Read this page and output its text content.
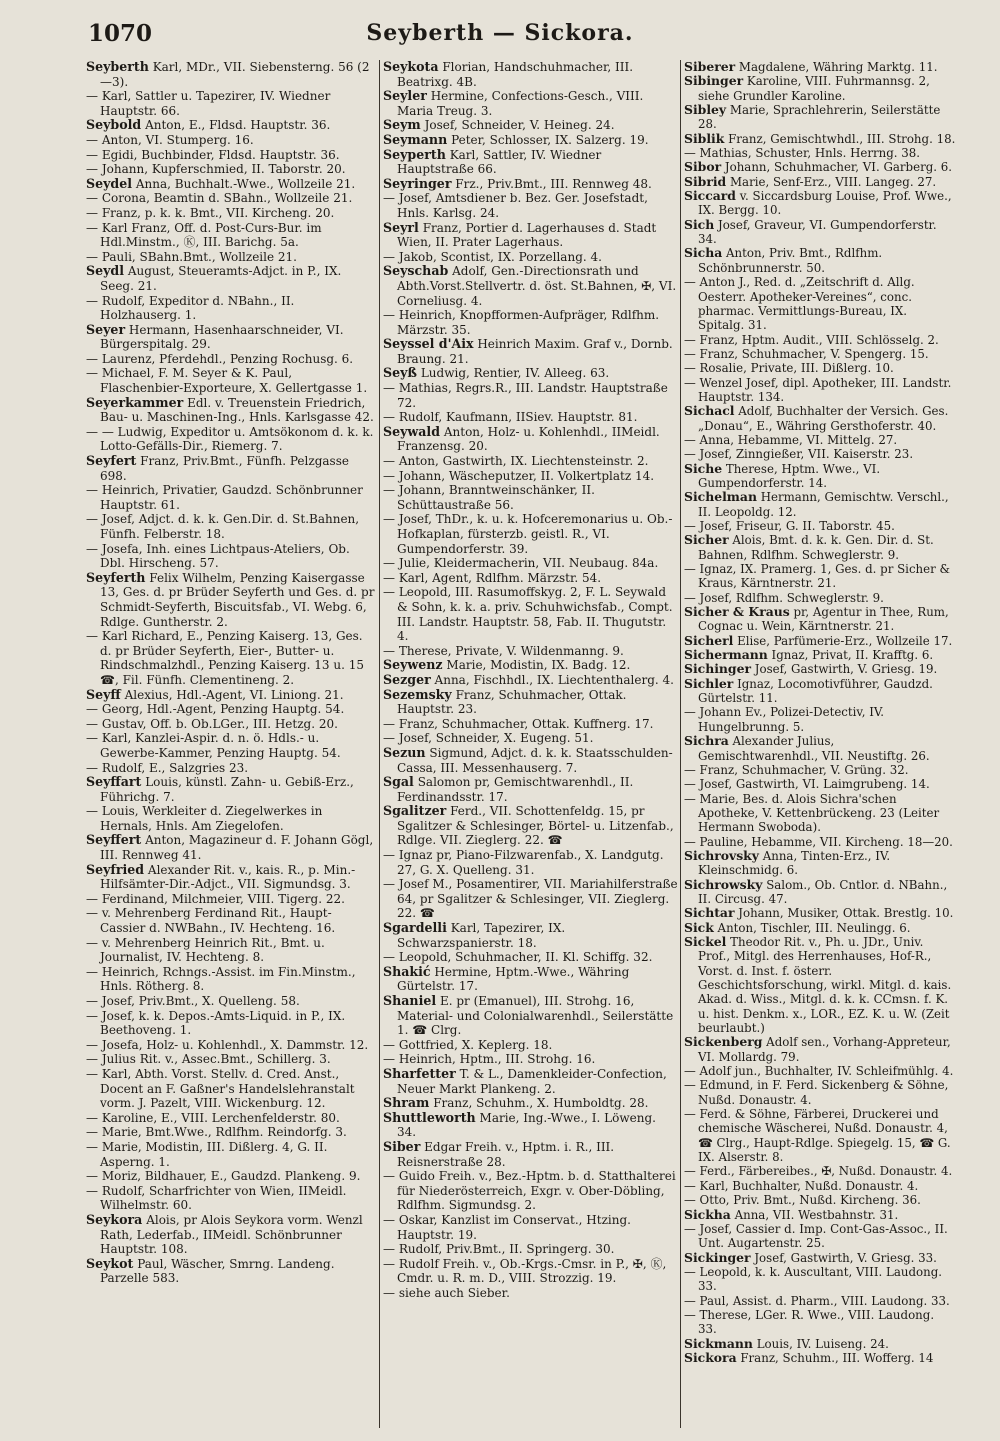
1070	Seyberth — Sickora.

Seyberth Karl, MDr., VII. Siebensterng. 56 (2—3).

— Karl, Sattler u. Tapezirer, IV. Wiedner Hauptstr. 66.

Seybold Anton, E., Fldsd. Hauptstr. 36.

— Anton, VI. Stumperg. 16.

— Egidi, Buchbinder, Fldsd. Hauptstr. 36.

— Johann, Kupferschmied, II. Taborstr. 20.

Seydel Anna, Buchhalt.-Wwe., Wollzeile 21.

— Corona, Beamtin d. SBahn., Wollzeile 21.

— Franz, p. k. k. Bmt., VII. Kircheng. 20.

— Karl Franz, Off. d. Post-Curs-Bur. im Hdl.Minstm., Ⓚ, III. Barichg. 5a.

— Pauli, SBahn.Bmt., Wollzeile 21.

Seydl August, Steueramts-Adjct. in P., IX. Seeg. 21.

— Rudolf, Expeditor d. NBahn., II. Holzhauserg. 1.

Seyer Hermann, Hasenhaarschneider, VI. Bürgerspitalg. 29.

— Laurenz, Pferdehdl., Penzing Rochusg. 6.

— Michael, F. M. Seyer & K. Paul, Flaschenbier-Exporteure, X. Gellertgasse 1.

Seyerkammer Edl. v. Treuenstein Friedrich, Bau- u. Maschinen-Ing., Hnls. Karlsgasse 42.

— — Ludwig, Expeditor u. Amtsökonom d. k. k. Lotto-Gefälls-Dir., Riemerg. 7.

Seyfert Franz, Priv.Bmt., Fünfh. Pelzgasse 698.

— Heinrich, Privatier, Gaudzd. Schönbrunner Hauptstr. 61.

— Josef, Adjct. d. k. k. Gen.Dir. d. St.Bahnen, Fünfh. Felberstr. 18.

— Josefa, Inh. eines Lichtpaus-Ateliers, Ob. Dbl. Hirscheng. 57.

Seyferth Felix Wilhelm, Penzing Kaisergasse 13, Ges. d. pr Brüder Seyferth und Ges. d. pr Schmidt-Seyferth, Biscuitsfab., VI. Webg. 6, Rdlge. Guntherstr. 2.

— Karl Richard, E., Penzing Kaiserg. 13, Ges. d. pr Brüder Seyferth, Eier-, Butter- u. Rindschmalzhdl., Penzing Kaiserg. 13 u. 15 ☎, Fil. Fünfh. Clementineng. 2.

Seyff Alexius, Hdl.-Agent, VI. Liniong. 21.

— Georg, Hdl.-Agent, Penzing Hauptg. 54.

— Gustav, Off. b. Ob.LGer., III. Hetzg. 20.

— Karl, Kanzlei-Aspir. d. n. ö. Hdls.- u. Gewerbe-Kammer, Penzing Hauptg. 54.

— Rudolf, E., Salzgries 23.

Seyffart Louis, künstl. Zahn- u. Gebiß-Erz., Führichg. 7.

— Louis, Werkleiter d. Ziegelwerkes in Hernals, Hnls. Am Ziegelofen.

Seyffert Anton, Magazineur d. F. Johann Gögl, III. Rennweg 41.

Seyfried Alexander Rit. v., kais. R., p. Min.-Hilfsämter-Dir.-Adjct., VII. Sigmundsg. 3.

— Ferdinand, Milchmeier, VIII. Tigerg. 22.

— v. Mehrenberg Ferdinand Rit., Haupt-Cassier d. NWBahn., IV. Hechteng. 16.

— v. Mehrenberg Heinrich Rit., Bmt. u. Journalist, IV. Hechteng. 8.

— Heinrich, Rchngs.-Assist. im Fin.Minstm., Hnls. Rötherg. 8.

— Josef, Priv.Bmt., X. Quelleng. 58.

— Josef, k. k. Depos.-Amts-Liquid. in P., IX. Beethoveng. 1.

— Josefa, Holz- u. Kohlenhdl., X. Dammstr. 12.

— Julius Rit. v., Assec.Bmt., Schillerg. 3.

— Karl, Abth. Vorst. Stellv. d. Cred. Anst., Docent an F. Gaßner's Handelslehranstalt vorm. J. Pazelt, VIII. Wickenburg. 12.

— Karoline, E., VIII. Lerchenfelderstr. 80.

— Marie, Bmt.Wwe., Rdlfhm. Reindorfg. 3.

— Marie, Modistin, III. Dißlerg. 4, G. II. Asperng. 1.

— Moriz, Bildhauer, E., Gaudzd. Plankeng. 9.

— Rudolf, Scharfrichter von Wien, IIMeidl. Wilhelmstr. 60.

Seykora Alois, pr Alois Seykora vorm. Wenzl Rath, Lederfab., IIMeidl. Schönbrunner Hauptstr. 108.

Seykot Paul, Wäscher, Smrng. Landeng. Parzelle 583.

Seykota Florian, Handschuhmacher, III. Beatrixg. 4B.

Seyler Hermine, Confections-Gesch., VIII. Maria Treug. 3.

Seym Josef, Schneider, V. Heineg. 24.

Seymann Peter, Schlosser, IX. Salzerg. 19.

Seyperth Karl, Sattler, IV. Wiedner Hauptstraße 66.

Seyringer Frz., Priv.Bmt., III. Rennweg 48.

— Josef, Amtsdiener b. Bez. Ger. Josefstadt, Hnls. Karlsg. 24.

Seyrl Franz, Portier d. Lagerhauses d. Stadt Wien, II. Prater Lagerhaus.

— Jakob, Scontist, IX. Porzellang. 4.

Seyschab Adolf, Gen.-Directionsrath und Abth.Vorst.Stellvertr. d. öst. St.Bahnen, ✠, VI. Corneliusg. 4.

— Heinrich, Knopfformen-Aufpräger, Rdlfhm. Märzstr. 35.

Seyssel d'Aix Heinrich Maxim. Graf v., Dornb. Braung. 21.

Seyß Ludwig, Rentier, IV. Alleeg. 63.

— Mathias, Regrs.R., III. Landstr. Hauptstraße 72.

— Rudolf, Kaufmann, IISiev. Hauptstr. 81.

Seywald Anton, Holz- u. Kohlenhdl., IIMeidl. Franzensg. 20.

— Anton, Gastwirth, IX. Liechtensteinstr. 2.

— Johann, Wäscheputzer, II. Volkertplatz 14.

— Johann, Branntweinschänker, II. Schüttaustraße 56.

— Josef, ThDr., k. u. k. Hofceremonarius u. Ob.-Hofkaplan, fürsterzb. geistl. R., VI. Gumpendorferstr. 39.

— Julie, Kleidermacherin, VII. Neubaug. 84a.

— Karl, Agent, Rdlfhm. Märzstr. 54.

— Leopold, III. Rasumoffskyg. 2, F. L. Seywald & Sohn, k. k. a. priv. Schuhwichsfab., Compt. III. Landstr. Hauptstr. 58, Fab. II. Thugutstr. 4.

— Therese, Private, V. Wildenmanng. 9.

Seywenz Marie, Modistin, IX. Badg. 12.

Sezger Anna, Fischhdl., IX. Liechtenthalerg. 4.

Sezemsky Franz, Schuhmacher, Ottak. Hauptstr. 23.

— Franz, Schuhmacher, Ottak. Kuffnerg. 17.

— Josef, Schneider, X. Eugeng. 51.

Sezun Sigmund, Adjct. d. k. k. Staatsschulden-Cassa, III. Messenhauserg. 7.

Sgal Salomon pr, Gemischtwarenhdl., II. Ferdinandsstr. 17.

Sgalitzer Ferd., VII. Schottenfeldg. 15, pr Sgalitzer & Schlesinger, Börtel- u. Litzenfab., Rdlge. VII. Zieglerg. 22. ☎

— Ignaz pr, Piano-Filzwarenfab., X. Landgutg. 27, G. X. Quelleng. 31.

— Josef M., Posamentirer, VII. Mariahilferstraße 64, pr Sgalitzer & Schlesinger, VII. Zieglerg. 22. ☎

Sgardelli Karl, Tapezirer, IX. Schwarzspanierstr. 18.

— Leopold, Schuhmacher, II. Kl. Schiffg. 32.

Shakić Hermine, Hptm.-Wwe., Währing Gürtelstr. 17.

Shaniel E. pr (Emanuel), III. Strohg. 16, Material- und Colonialwarenhdl., Seilerstätte 1. ☎ Clrg.

— Gottfried, X. Keplerg. 18.

— Heinrich, Hptm., III. Strohg. 16.

Sharfetter T. & L., Damenkleider-Confection, Neuer Markt Plankeng. 2.

Shram Franz, Schuhm., X. Humboldtg. 28.

Shuttleworth Marie, Ing.-Wwe., I. Löweng. 34.

Siber Edgar Freih. v., Hptm. i. R., III. Reisnerstraße 28.

— Guido Freih. v., Bez.-Hptm. b. d. Statthalterei für Niederösterreich, Exgr. v. Ober-Döbling, Rdlfhm. Sigmundsg. 2.

— Oskar, Kanzlist im Conservat., Htzing. Hauptstr. 19.

— Rudolf, Priv.Bmt., II. Springerg. 30.

— Rudolf Freih. v., Ob.-Krgs.-Cmsr. in P., ✠, Ⓚ, Cmdr. u. R. m. D., VIII. Strozzig. 19.

— siehe auch Sieber.

Siberer Magdalene, Währing Marktg. 11.

Sibinger Karoline, VIII. Fuhrmannsg. 2, siehe Grundler Karoline.

Sibley Marie, Sprachlehrerin, Seilerstätte 28.

Siblik Franz, Gemischtwhdl., III. Strohg. 18.

— Mathias, Schuster, Hnls. Herrng. 38.

Sibor Johann, Schuhmacher, VI. Garberg. 6.

Sibrid Marie, Senf-Erz., VIII. Langeg. 27.

Siccard v. Siccardsburg Louise, Prof. Wwe., IX. Bergg. 10.

Sich Josef, Graveur, VI. Gumpendorferstr. 34.

Sicha Anton, Priv. Bmt., Rdlfhm. Schönbrunnerstr. 50.

— Anton J., Red. d. „Zeitschrift d. Allg. Oesterr. Apotheker-Vereines“, conc. pharmac. Vermittlungs-Bureau, IX. Spitalg. 31.

— Franz, Hptm. Audit., VIII. Schlösselg. 2.

— Franz, Schuhmacher, V. Spengerg. 15.

— Rosalie, Private, III. Dißlerg. 10.

— Wenzel Josef, dipl. Apotheker, III. Landstr. Hauptstr. 134.

Sichacl Adolf, Buchhalter der Versich. Ges. „Donau“, E., Währing Gersthoferstr. 40.

— Anna, Hebamme, VI. Mittelg. 27.

— Josef, Zinngießer, VII. Kaiserstr. 23.

Siche Therese, Hptm. Wwe., VI. Gumpendorferstr. 14.

Sichelman Hermann, Gemischtw. Verschl., II. Leopoldg. 12.

— Josef, Friseur, G. II. Taborstr. 45.

Sicher Alois, Bmt. d. k. k. Gen. Dir. d. St. Bahnen, Rdlfhm. Schweglerstr. 9.

— Ignaz, IX. Pramerg. 1, Ges. d. pr Sicher & Kraus, Kärntnerstr. 21.

— Josef, Rdlfhm. Schweglerstr. 9.

Sicher & Kraus pr, Agentur in Thee, Rum, Cognac u. Wein, Kärntnerstr. 21.

Sicherl Elise, Parfümerie-Erz., Wollzeile 17.

Sichermann Ignaz, Privat, II. Krafftg. 6.

Sichinger Josef, Gastwirth, V. Griesg. 19.

Sichler Ignaz, Locomotivführer, Gaudzd. Gürtelstr. 11.

— Johann Ev., Polizei-Detectiv, IV. Hungelbrunng. 5.

Sichra Alexander Julius, Gemischtwarenhdl., VII. Neustiftg. 26.

— Franz, Schuhmacher, V. Grüng. 32.

— Josef, Gastwirth, VI. Laimgrubeng. 14.

— Marie, Bes. d. Alois Sichra'schen Apotheke, V. Kettenbrückeng. 23 (Leiter Hermann Swoboda).

— Pauline, Hebamme, VII. Kircheng. 18—20.

Sichrovsky Anna, Tinten-Erz., IV. Kleinschmidg. 6.

Sichrowsky Salom., Ob. Cntlor. d. NBahn., II. Circusg. 47.

Sichtar Johann, Musiker, Ottak. Brestlg. 10.

Sick Anton, Tischler, III. Neulingg. 6.

Sickel Theodor Rit. v., Ph. u. JDr., Univ. Prof., Mitgl. des Herrenhauses, Hof-R., Vorst. d. Inst. f. österr. Geschichtsforschung, wirkl. Mitgl. d. kais. Akad. d. Wiss., Mitgl. d. k. k. CCmsn. f. K. u. hist. Denkm. x., LOR., EZ. K. u. W. (Zeit beurlaubt.)

Sickenberg Adolf sen., Vorhang-Appreteur, VI. Mollardg. 79.

— Adolf jun., Buchhalter, IV. Schleifmühlg. 4.

— Edmund, in F. Ferd. Sickenberg & Söhne, Nußd. Donaustr. 4.

— Ferd. & Söhne, Färberei, Druckerei und chemische Wäscherei, Nußd. Donaustr. 4, ☎ Clrg., Haupt-Rdlge. Spiegelg. 15, ☎ G. IX. Alserstr. 8.

— Ferd., Färbereibes., ✠, Nußd. Donaustr. 4.

— Karl, Buchhalter, Nußd. Donaustr. 4.

— Otto, Priv. Bmt., Nußd. Kircheng. 36.

Sickha Anna, VII. Westbahnstr. 31.

— Josef, Cassier d. Imp. Cont-Gas-Assoc., II. Unt. Augartenstr. 25.

Sickinger Josef, Gastwirth, V. Griesg. 33.

— Leopold, k. k. Auscultant, VIII. Laudong. 33.

— Paul, Assist. d. Pharm., VIII. Laudong. 33.

— Therese, LGer. R. Wwe., VIII. Laudong. 33.

Sickmann Louis, IV. Luiseng. 24.

Sickora Franz, Schuhm., III. Wofferg. 14
